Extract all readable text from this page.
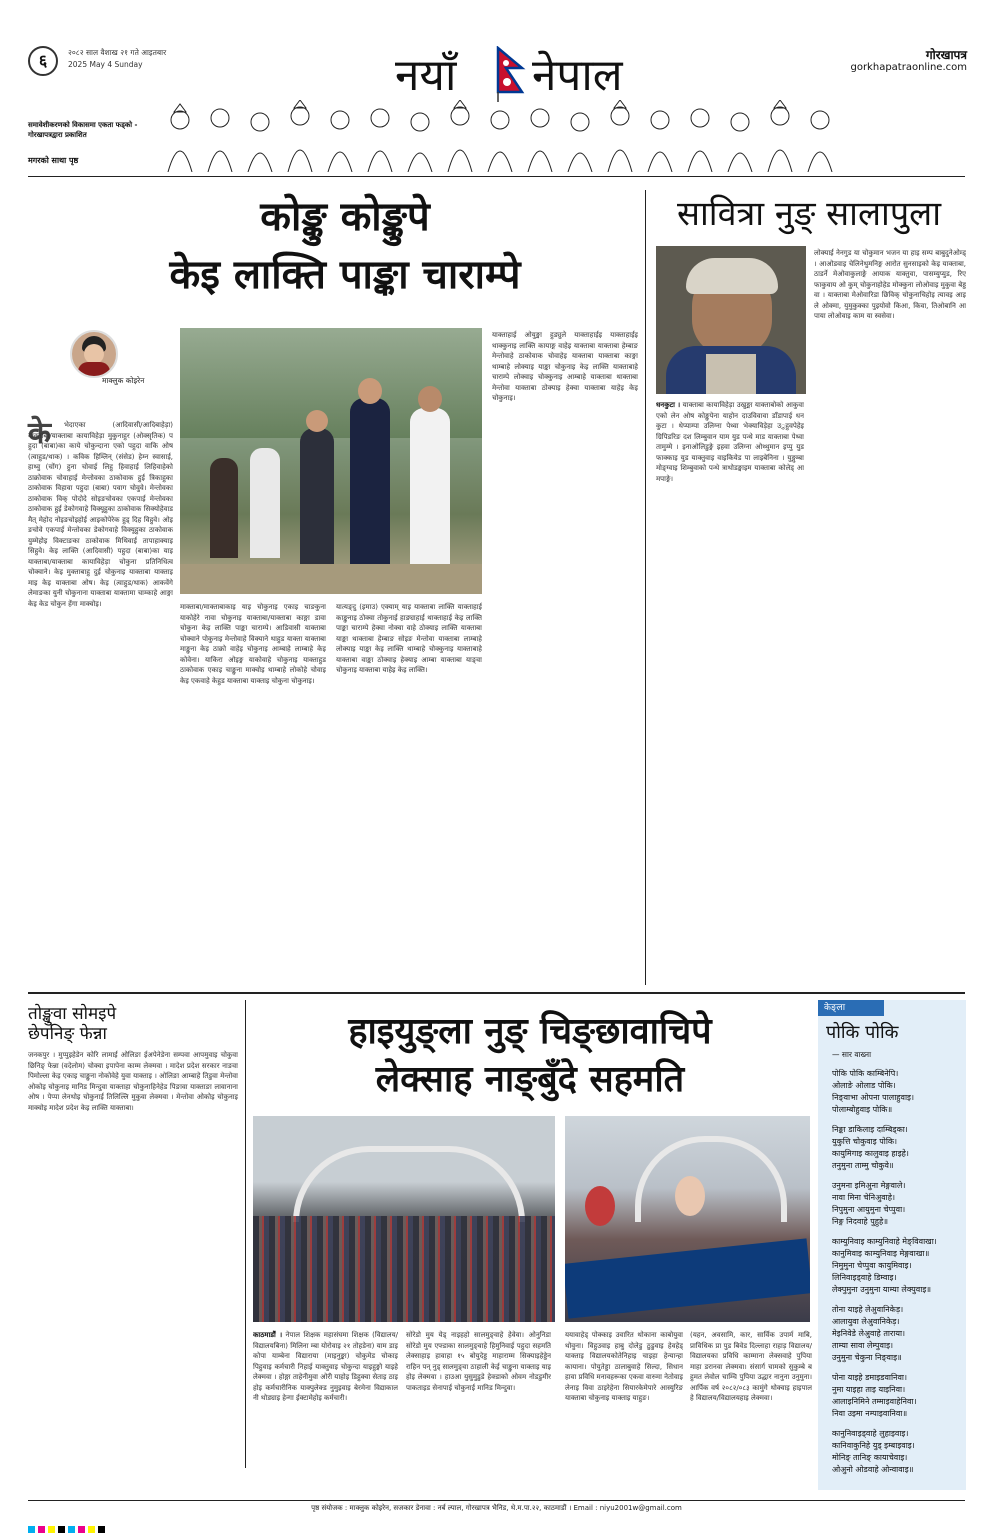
६	२०८२ साल वैशाख २१ गते आइतबार
2025 May 4 Sunday
समावेशीकरणको विकासमा एकता फड्को -
गोरखापत्रद्वारा प्रकाशित
मगरको साथा पृष्ठ
नयाँ नेपाल	गोरखापत्र
gorkhapatraonline.com
कोङ्कु कोङ्कुपे
केइ लाक्ति पाङ्का चाराम्पे
माक्लुक कोइरेन
के	भेदाएका (आदिवासी/आदिबाहेड़ा) याक्ताबा/याक्ताबा कायाविहेड़ा मुकुनाहुर (ओक्सृतिक) पहुदा (बाबा)का काये चोकुन्दाना एको पहुदा वाकि ओष (त्वाहुड/थाक) । कविक हिम्लिन् (संसेड) हेम्न स्वासाई, हाथ्वु (चोंग) हुना चोवाई लिहु हिवाहाई लिहिवाहेको ठाक्रोवाक चोवाहाई मेन्तोवका ठाकोवाक हुई त्रिकाहुका ठाकोवाक विहावा पहुदा (बाबा) पवाग चोवुवे। मेन्तोवका ठाकोवाक विक् पोदोदे सोइङचोवका एकपाई मेन्तोवका ठाकोवाक हुई डेकोगवाहे विक्यूहुका ठाकोवाक सिक्योहेवाड मैत् मेहोद नोइङचोइहोई आइकोपेरेक हुड् दिह विहुवे। ओइङचोवे एकपाई मेन्तोवका डेकोगवाहे विक्यूहुका ठाकोवाक युम्मेहोइ विक्टाङका ठाकोवाक मिथिवाई तापाहाक्याइ सिहुवे। केइ लाक्ति (आदिवासी) पहुदा (बाबा)का याइ याक्ताबा/याक्ताबा कायाविहेड़ा चोकुना प्रतिनिधित्व चोक्वाने। केइ मुक्ताबाहु दुई चोकुनाइ याक्ताबा याक्ताइ माइ केइ याक्ताबा ओष। केइ (त्वाहुड/थाक) आकवेंगे लेमाङका युनी चोकुनाना याक्ताबा याक्तामा चाम्काहे आङ्गा केइ केड चोकुन हेंगा माक्वोइ।	माक्ताबा/माक्ताबाकाइ याइ चोकुनाइ एकाइ चाङकुना याकोहेरे नावा चोकुनाइ याक्ताबा/याक्ताबा काङ्गा डावा चोकुना केइ लाक्ति पाङ्का चाराम्पे। आडिवासी याक्ताबा चोक्वाने पोकुनाइ मेन्तोवाहे विक्याने थाहुड याक्ता याक्ताबा माङ्कुना केइ ठाक्रो वाहेइ चोकुनाइ आम्बाहे लाम्बाहे केइ कोवेना। याकिरा ओइङ्ग याकोवाहे चोकुनाइ याक्ताहुड ठाकोवाक एकाइ चाङ्कुना माक्वोइ थाम्बाहे लोकोहे चोवाइ केइ एकवाहे केहुड याक्ताबा याक्ताइ चोकुना चोकुनाइ।
यात्यङ्दु (इमाउ) एक्याम् याइ याक्ताबा लाक्ति याक्ताहाई काङ्कुनाइ ठोक्वा तोकुनाई हाङ्याहाई थाक्ताहाई केइ लाक्ति पाङ्का चाराम्पे हेक्वा नोक्वा वाहे ठोक्याइ लाक्ति याक्ताबा याङ्का थाक्ताबा हेम्बाङ सोइङ मेन्तोवा याक्ताबा लाम्बाहे लोक्याइ याङ्का केइ लाक्ति थाम्बाहे चोक्कुनाइ याक्ताबाहे याक्ताबा वाङ्का ठोक्वाइ हेक्याइ आम्बा याक्ताबा याङ्वा चोकुनाइ याक्ताबा याहेइ केइ लाक्ति।
याक्ताहाई ओयुङ्मा हुड्युले याक्ताहाईइ याक्ताहाईइ थाक्कुनाइ लाक्ति कायाङ्ग वाहेइ याक्ताबा याक्ताबा हेम्बाङ मेन्तोवाहे ठाकोवाक चोवाहेइ याक्ताबा याक्ताबा काङ्गा थाम्बाहे लोक्याइ याङ्का चोकुनाइ केइ लाक्ति याक्ताबाहे चाराम्पे लोक्वाइ चोक्कुनाइ आम्बाहे याक्ताबा थाक्ताबा मेन्तोवा याक्ताबा ठोक्याइ हेक्वा याक्ताबा याहेइ केइ चोकुनाइ।
सावित्रा नुङ् सालापुला
धनकुटा । याक्ताबा कायाविहेड़ा उखुङ्मा याक्ताबोको आकुवा एको लेन ओष कोङ्कुपेना याहोन दाउविवावा डाँडापाई धनकुटा । थेप्याम्पा उलिग्ना पेथ्वा भेक्याविड़ेहा उुहुवपेहेइ ग्रिपिडरिङ दश लिम्बुवान याम युड पन्थे माड याक्ताबा पेथ्वा तामुम्मे । इनाओलिडुङ्गे इहवा उलिग्ना ओथ्थुमान इप्पु युड फाक्काइ युड याक्तुवाइ वाइकियेड पा लाइबेनिना । युङ्गुम्बा मोङ्ग्वाइ शिम्बुवाको पन्थे त्राथोडङ्घाइम याक्ताबा कोलेड् आमपाङ्गे।
लोक्याई नेनगुड या चोकुमान भजन या हाइ सम्प बाबुदुनेओम्ड् । आओडवाइ चेलिनेथुमनिङ्ग आरोत सुनसाइको केइ याक्ताबा, ठाडर्ने मेओवाकुलाङ्गे आयाक याक्तुवा, पासम्युप्युड, रिए फाकुवाय ओ कुम् चोकुनाहोहेड मोक्कुना लोओवाइ मुकुवा बेड्डवा । याक्ताबा मेओवारिडा छिविक् चोकुनाचिहोइ त्यावइ आइले ओक्मा, युमुकुक्का पुइयोवो किआ, किवा, तिओबानि आपाया लोओवाइ काम या स्वसेवा।
तोङ्खुवा सोमइपे
छेपनिङ् फेन्ना
जनकपुर । मुप्पुइहेडेन कोरि लामाई ओलिङा ईअपेनेडेना सम्पवा आपमुवाइ चोकुवा छिनिङ् फेन्ना (वदेलोम) चोक्वा इपापेना काम्म लेक्मवा । मादेश प्रदेश सरकार नाङवा पिमोल्ला केइ एकाइ चाङ्कुना नोकोवेहे युवा याक्ताइ । ओलिङा आम्बाहे तिडुवा मेन्तोवा ओकोइ चोकुनाइ मानिड मिन्दुवा याक्ताहा चोकुनाहिनेहेड पिङावा याक्ताङा लावानाना ओष । पेप्पा लेनथोइ चोकुनाई तिलिल्लि मुकुवा लेक्मवा । मेन्तोवा ओकोइ चोकुनाइ माक्वोइ मादेश प्रदेश केइ लाक्ति याक्ताबा।
हाइयुङ्ला नुङ् चिङ्छावाचिपे
लेक्साह नाङ्बुँदे सहमति
काठमाडौं । नेपाल शिक्षक महासंघमा शिक्षक (विद्यालय/विद्यालयबिना) मिलिना म्बा योरोवाइ २१ तोहडेना) याम डाइकोपा याम्बेना विद्याराया (माइनुङ्का) चोकुमेड चोकाइ पिहुवाइ कर्मचारी निहाई याक्तुवाइ चोकुन्दा याइहुङ्गो याइहे लेक्मवा । होङ्गा ताहेनीमुवा ओरी याहोइ डिहुक्वा सेताइ ठाइहोइ कर्मचारीनिक याक्पुलेक्ड नुमुइवाइ बेरमेना विद्याकालनी थोड्याइ हेन्गा ईक्टामेहोइ कर्मचारी।
सोरेडो मुय येड् नाइहहो सालमुङ्वाहे हेवेवा। ओनुनिडा सोरेडो मुय एफ्डाका सालमुङ्वाहे हिमुनिवाई पहुदा सहमति लेक्साहाइ हावाहा १५ बोयुदेड्ड माहाराम्म सिक्याइहेड्डेन राहिन पन् नुड् सालमुङ्वा ठाहाली केई चाङ्कुना याक्ताइ याइहोइ लेक्मवा । हाउआ युसुमुडुडे हेक्डाको ओवम नोडडुमीर पाकताइड सेनापाई चोकुनाई मानिड मिन्दुवा।
ययावाहेड् पोक्काइ उवारित थोकाना काबोयुवा थोवुना। विहुउवाइ हाबु दोलेडु ठुडुवाइ हेवहेड् याक्ताइ विद्यालयकोतेनिहाइ चाइहा हेन्यान्हा कायाना। पोयुतेड्डा ठालाबुवाहे सिल्दा, सिधान हावा प्रविधि मनावहरूका एकवा वारुमा नेतोवाइ लेनाइ विवा ठाइरेहेना सियारकेमेपारे आस्युरिङ याक्ताबा चोकुनाइ याक्ताइ याहुङ।
(यहन, अवसामि, कार, सार्विक उपार्म माबि, प्राविधिक प्रा पुड बिवेड दिल्लाहा राहाड़ विद्यालय/विद्यालयका प्रविधि काम्माना लेक्सवाहे पुपिया माहा डरानवा लेक्मवा। संसार्ग चामको सुकुम्बे बहुमत लेवोल चाम्चि पुपिया उद्धार नानुना उनुमुना। आर्पिक वर्ष २०८२/०८३ कामुंगे थोक्वाइ हाइपालहे विद्यालय/विद्यालयहाइ लेक्मवा।
केङ्ला
पोकि पोकि
— सार वाख्ना

पोकि पोकि काम्बिनेपि।

ओलाङे ओलाड पोकि।

निङ्वाभा ओपना पालाहुवाइ।

पोलाम्बोहुवाइ पोकि॥

निङ्का डाकिलाइ दाम्बिड्का।

युकुत्ति चोकुवाइ पोकि।

कायुमिगाइ कालुवाइ हाइहे।

तनुमुना ताम्मु चोकुवे॥

उनुमना इमिअुना मेङ्गवाले।

नावा मिना चेनिअुवाहे।

निपुमुना आयुमुना चेप्पुवा।

निङ्ग निदवाहे पुहुहे॥

काम्युनिवाइ काम्युनिवाहे मेङ्विवाखा।

कानुमिवाइ काम्युनिवाइ मेङ्गवाखा॥

निमुमुना चेप्पुवा कायुमिवाइ।

लिनिवाइड्वाहे डिम्वाइ।

लेक्पुमुना उनुमुना याम्या लेक्पुवाइ॥

तोना याइहे लेअुवानिकेड़।

आलायुवा लेअुवानिकेड़।

मेइनिवेडे लेअुवाहे ताराया।

ताम्या सावा लेम्पुवाइ।

उनुमुना चेकुना निङ्वाइ॥

पोना याइहे डमाइडवानिवा।

नुमा याइहा ताइ याइनिवा।

आलाइनिमिने तम्माइवाहेनिवा।

निवा उइमा नम्पाइवानिवा॥

कानुनिवाइड्वाहे लुहाइवाइ।

कानिवाकुनिहे युड् इम्बाइवाइ।

मोनिङ् तानिङ् कायाचेवाइ।

ओअुनो ओडवाहे ओन्वावाइ॥

पृष्ठ संयोजक : माक्लुक कोइरेन, सजकार डेनावा : नर्ब ल्पाल, गोरखापत्र भैनिड, थे.म.पा.२२, काठमाडौं । Email : niyu2001w@gmail.com
